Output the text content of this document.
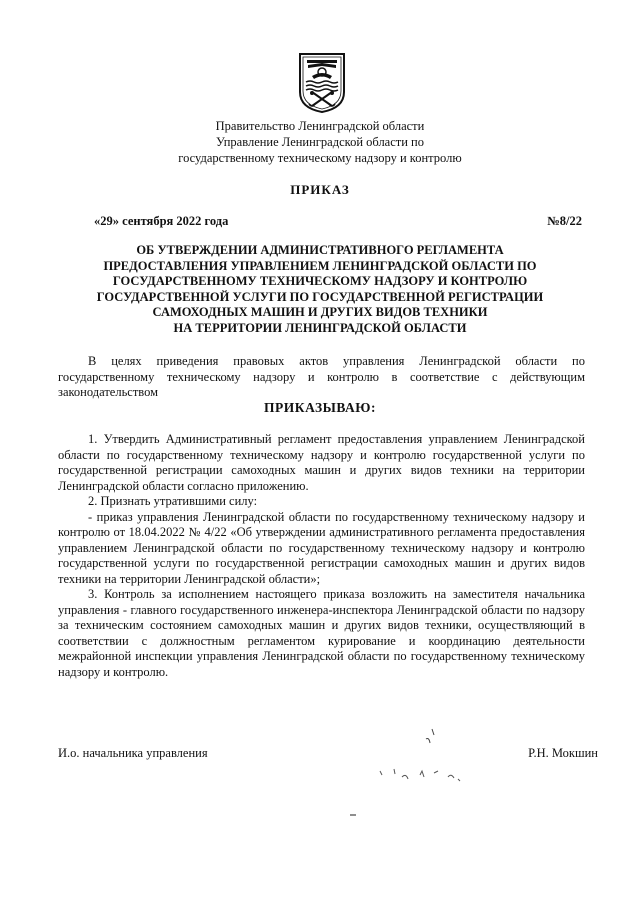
Правительство Ленинградской области
Управление Ленинградской области по
государственному техническому надзору и контролю
ПРИКАЗ
«29» сентября 2022 года	№8/22
ОБ УТВЕРЖДЕНИИ АДМИНИСТРАТИВНОГО РЕГЛАМЕНТА
ПРЕДОСТАВЛЕНИЯ УПРАВЛЕНИЕМ ЛЕНИНГРАДСКОЙ ОБЛАСТИ ПО
ГОСУДАРСТВЕННОМУ ТЕХНИЧЕСКОМУ НАДЗОРУ И КОНТРОЛЮ
ГОСУДАРСТВЕННОЙ УСЛУГИ ПО ГОСУДАРСТВЕННОЙ РЕГИСТРАЦИИ
САМОХОДНЫХ МАШИН И ДРУГИХ ВИДОВ ТЕХНИКИ
НА ТЕРРИТОРИИ ЛЕНИНГРАДСКОЙ ОБЛАСТИ
В целях приведения правовых актов управления Ленинградской области по государственному техническому надзору и контролю в соответствие с действующим законодательством
ПРИКАЗЫВАЮ:

1. Утвердить Административный регламент предоставления управлением Ленинградской области по государственному техническому надзору и контролю государственной услуги по государственной регистрации самоходных машин и других видов техники на территории Ленинградской области согласно приложению.

2. Признать утратившими силу:

- приказ управления Ленинградской области по государственному техническому надзору и контролю от 18.04.2022 № 4/22 «Об утверждении административного регламента предоставления управлением Ленинградской области по государственному техническому надзору и контролю государственной услуги по государственной регистрации самоходных машин и других видов техники на территории Ленинградской области»;

3. Контроль за исполнением настоящего приказа возложить на заместителя начальника управления - главного государственного инженера-инспектора Ленинградской области по надзору за техническим состоянием самоходных машин и других видов техники, осуществляющий в соответствии с должностным регламентом курирование и координацию деятельности межрайонной инспекции управления Ленинградской области по государственному техническому надзору и контролю.

И.о. начальника управления	Р.Н. Мокшин
